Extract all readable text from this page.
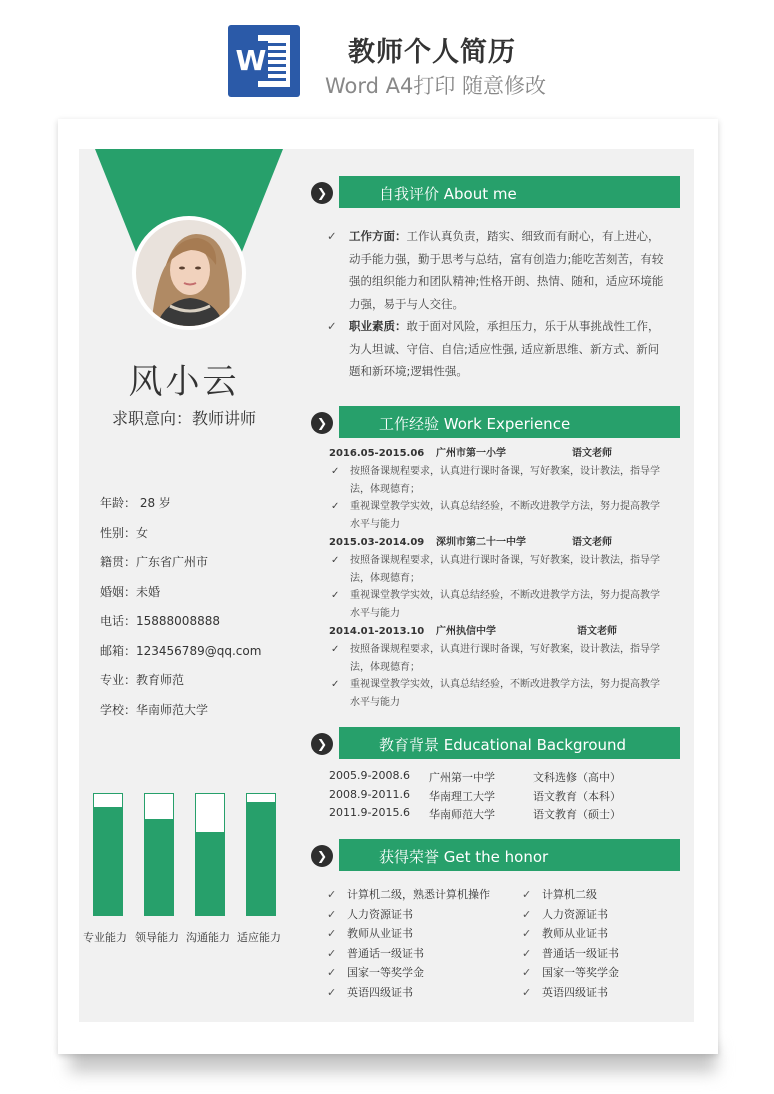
W	教师个人简历
Word A4打印 随意修改
风小云
求职意向：教师讲师
年龄： 28 岁
性别：女
籍贯：广东省广州市
婚姻：未婚
电话：15888008888
邮箱：123456789@qq.com
专业：教育师范
学校：华南师范大学
专业能力 领导能力 沟通能力 适应能力
❯	自我评价 About me
✓ 工作方面：工作认真负责，踏实、细致而有耐心，有上进心，动手能力强，勤于思考与总结，富有创造力;能吃苦刻苦，有较强的组织能力和团队精神;性格开朗、热情、随和，适应环境能力强，易于与人交往。
✓ 职业素质：敢于面对风险，承担压力，乐于从事挑战性工作，为人坦诚、守信、自信;适应性强, 适应新思维、新方式、新问题和新环境;逻辑性强。
❯	工作经验 Work Experience
2016.05-2015.06 广州市第一小学	语文老师
✓ 按照备课规程要求，认真进行课时备课，写好教案，设计教法，指导学法，体现德育；
✓ 重视课堂教学实效，认真总结经验，不断改进教学方法，努力提高教学水平与能力
2015.03-2014.09 深圳市第二十一中学	语文老师
✓ 按照备课规程要求，认真进行课时备课，写好教案，设计教法，指导学法，体现德育；
✓ 重视课堂教学实效，认真总结经验，不断改进教学方法，努力提高教学水平与能力
2014.01-2013.10 广州执信中学	语文老师
✓ 按照备课规程要求，认真进行课时备课，写好教案，设计教法，指导学法，体现德育；
✓ 重视课堂教学实效，认真总结经验，不断改进教学方法，努力提高教学水平与能力
❯	教育背景 Educational Background
2005.9-2008.6 广州第一中学	文科选修（高中）
2008.9-2011.6 华南理工大学	语文教育（本科）
2011.9-2015.6 华南师范大学	语文教育（硕士）
❯	获得荣誉 Get the honor
✓ 计算机二级，熟悉计算机操作
✓ 人力资源证书
✓ 教师从业证书
✓ 普通话一级证书
✓ 国家一等奖学金
✓ 英语四级证书
✓ 计算机二级
✓ 人力资源证书
✓ 教师从业证书
✓ 普通话一级证书
✓ 国家一等奖学金
✓ 英语四级证书
